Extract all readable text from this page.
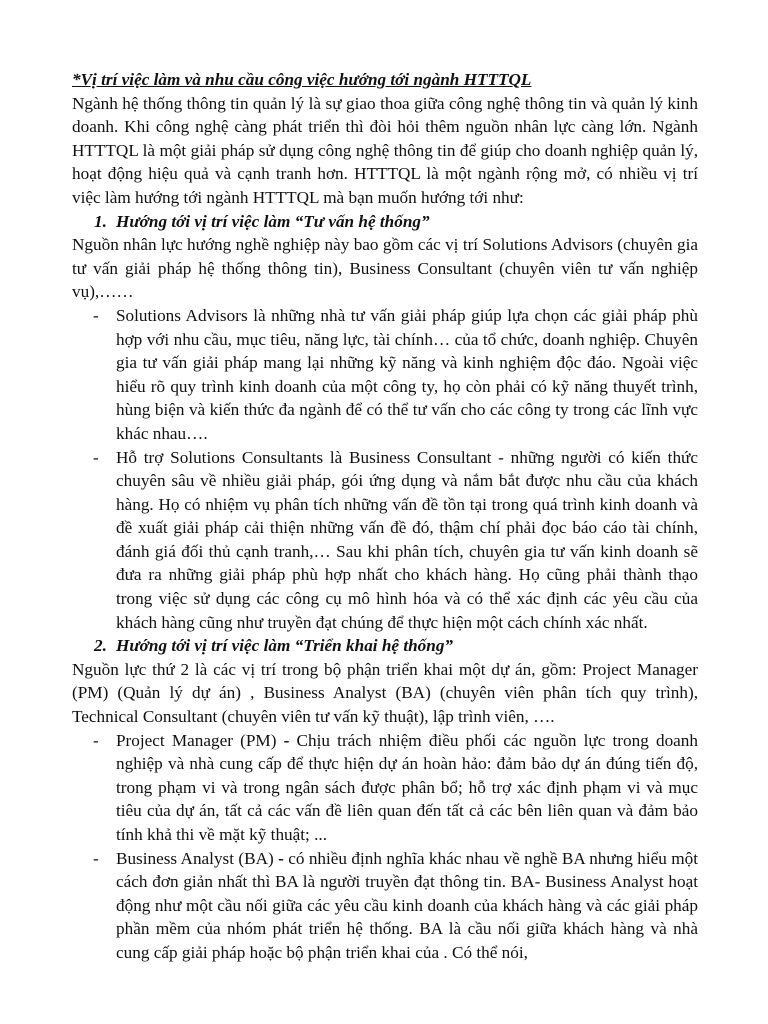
*Vị trí việc làm và nhu cầu công việc hướng tới ngành HTTTQL

Ngành hệ thống thông tin quản lý là sự giao thoa giữa công nghệ thông tin và quản lý kinh doanh. Khi công nghệ càng phát triển thì đòi hỏi thêm nguồn nhân lực càng lớn. Ngành HTTTQL là một giải pháp sử dụng công nghệ thông tin để giúp cho doanh nghiệp quản lý, hoạt động hiệu quả và cạnh tranh hơn. HTTTQL là một ngành rộng mở, có nhiều vị trí việc làm hướng tới ngành HTTTQL mà bạn muốn hướng tới như:

1. Hướng tới vị trí việc làm “Tư vấn hệ thống”

Nguồn nhân lực hướng nghề nghiệp này bao gồm các vị trí Solutions Advisors (chuyên gia tư vấn giải pháp hệ thống thông tin), Business Consultant (chuyên viên tư vấn nghiệp vụ),……

- Solutions Advisors là những nhà tư vấn giải pháp giúp lựa chọn các giải pháp phù hợp với nhu cầu, mục tiêu, năng lực, tài chính… của tổ chức, doanh nghiệp. Chuyên gia tư vấn giải pháp mang lại những kỹ năng và kinh nghiệm độc đáo. Ngoài việc hiểu rõ quy trình kinh doanh của một công ty, họ còn phải có kỹ năng thuyết trình, hùng biện và kiến thức đa ngành để có thể tư vấn cho các công ty trong các lĩnh vực khác nhau….
- Hỗ trợ Solutions Consultants là Business Consultant - những người có kiến thức chuyên sâu về nhiều giải pháp, gói ứng dụng và nắm bắt được nhu cầu của khách hàng. Họ có nhiệm vụ phân tích những vấn đề tồn tại trong quá trình kinh doanh và đề xuất giải pháp cải thiện những vấn đề đó, thậm chí phải đọc báo cáo tài chính, đánh giá đối thủ cạnh tranh,… Sau khi phân tích, chuyên gia tư vấn kinh doanh sẽ đưa ra những giải pháp phù hợp nhất cho khách hàng. Họ cũng phải thành thạo trong việc sử dụng các công cụ mô hình hóa và có thể xác định các yêu cầu của khách hàng cũng như truyền đạt chúng để thực hiện một cách chính xác nhất.

2. Hướng tới vị trí việc làm “Triển khai hệ thống”

Nguồn lực thứ 2 là các vị trí trong bộ phận triển khai một dự án, gồm: Project Manager (PM) (Quản lý dự án) , Business Analyst (BA) (chuyên viên phân tích quy trình), Technical Consultant (chuyên viên tư vấn kỹ thuật), lập trình viên, ….

- Project Manager (PM) - Chịu trách nhiệm điều phối các nguồn lực trong doanh nghiệp và nhà cung cấp để thực hiện dự án hoàn hảo: đảm bảo dự án đúng tiến độ, trong phạm vi và trong ngân sách được phân bổ; hỗ trợ xác định phạm vi và mục tiêu của dự án, tất cả các vấn đề liên quan đến tất cả các bên liên quan và đảm bảo tính khả thi về mặt kỹ thuật; ...
- Business Analyst (BA) - có nhiều định nghĩa khác nhau về nghề BA nhưng hiểu một cách đơn giản nhất thì BA là người truyền đạt thông tin. BA- Business Analyst hoạt động như một cầu nối giữa các yêu cầu kinh doanh của khách hàng và các giải pháp phần mềm của nhóm phát triển hệ thống. BA là cầu nối giữa khách hàng và nhà cung cấp giải pháp hoặc bộ phận triển khai của . Có thể nói,
